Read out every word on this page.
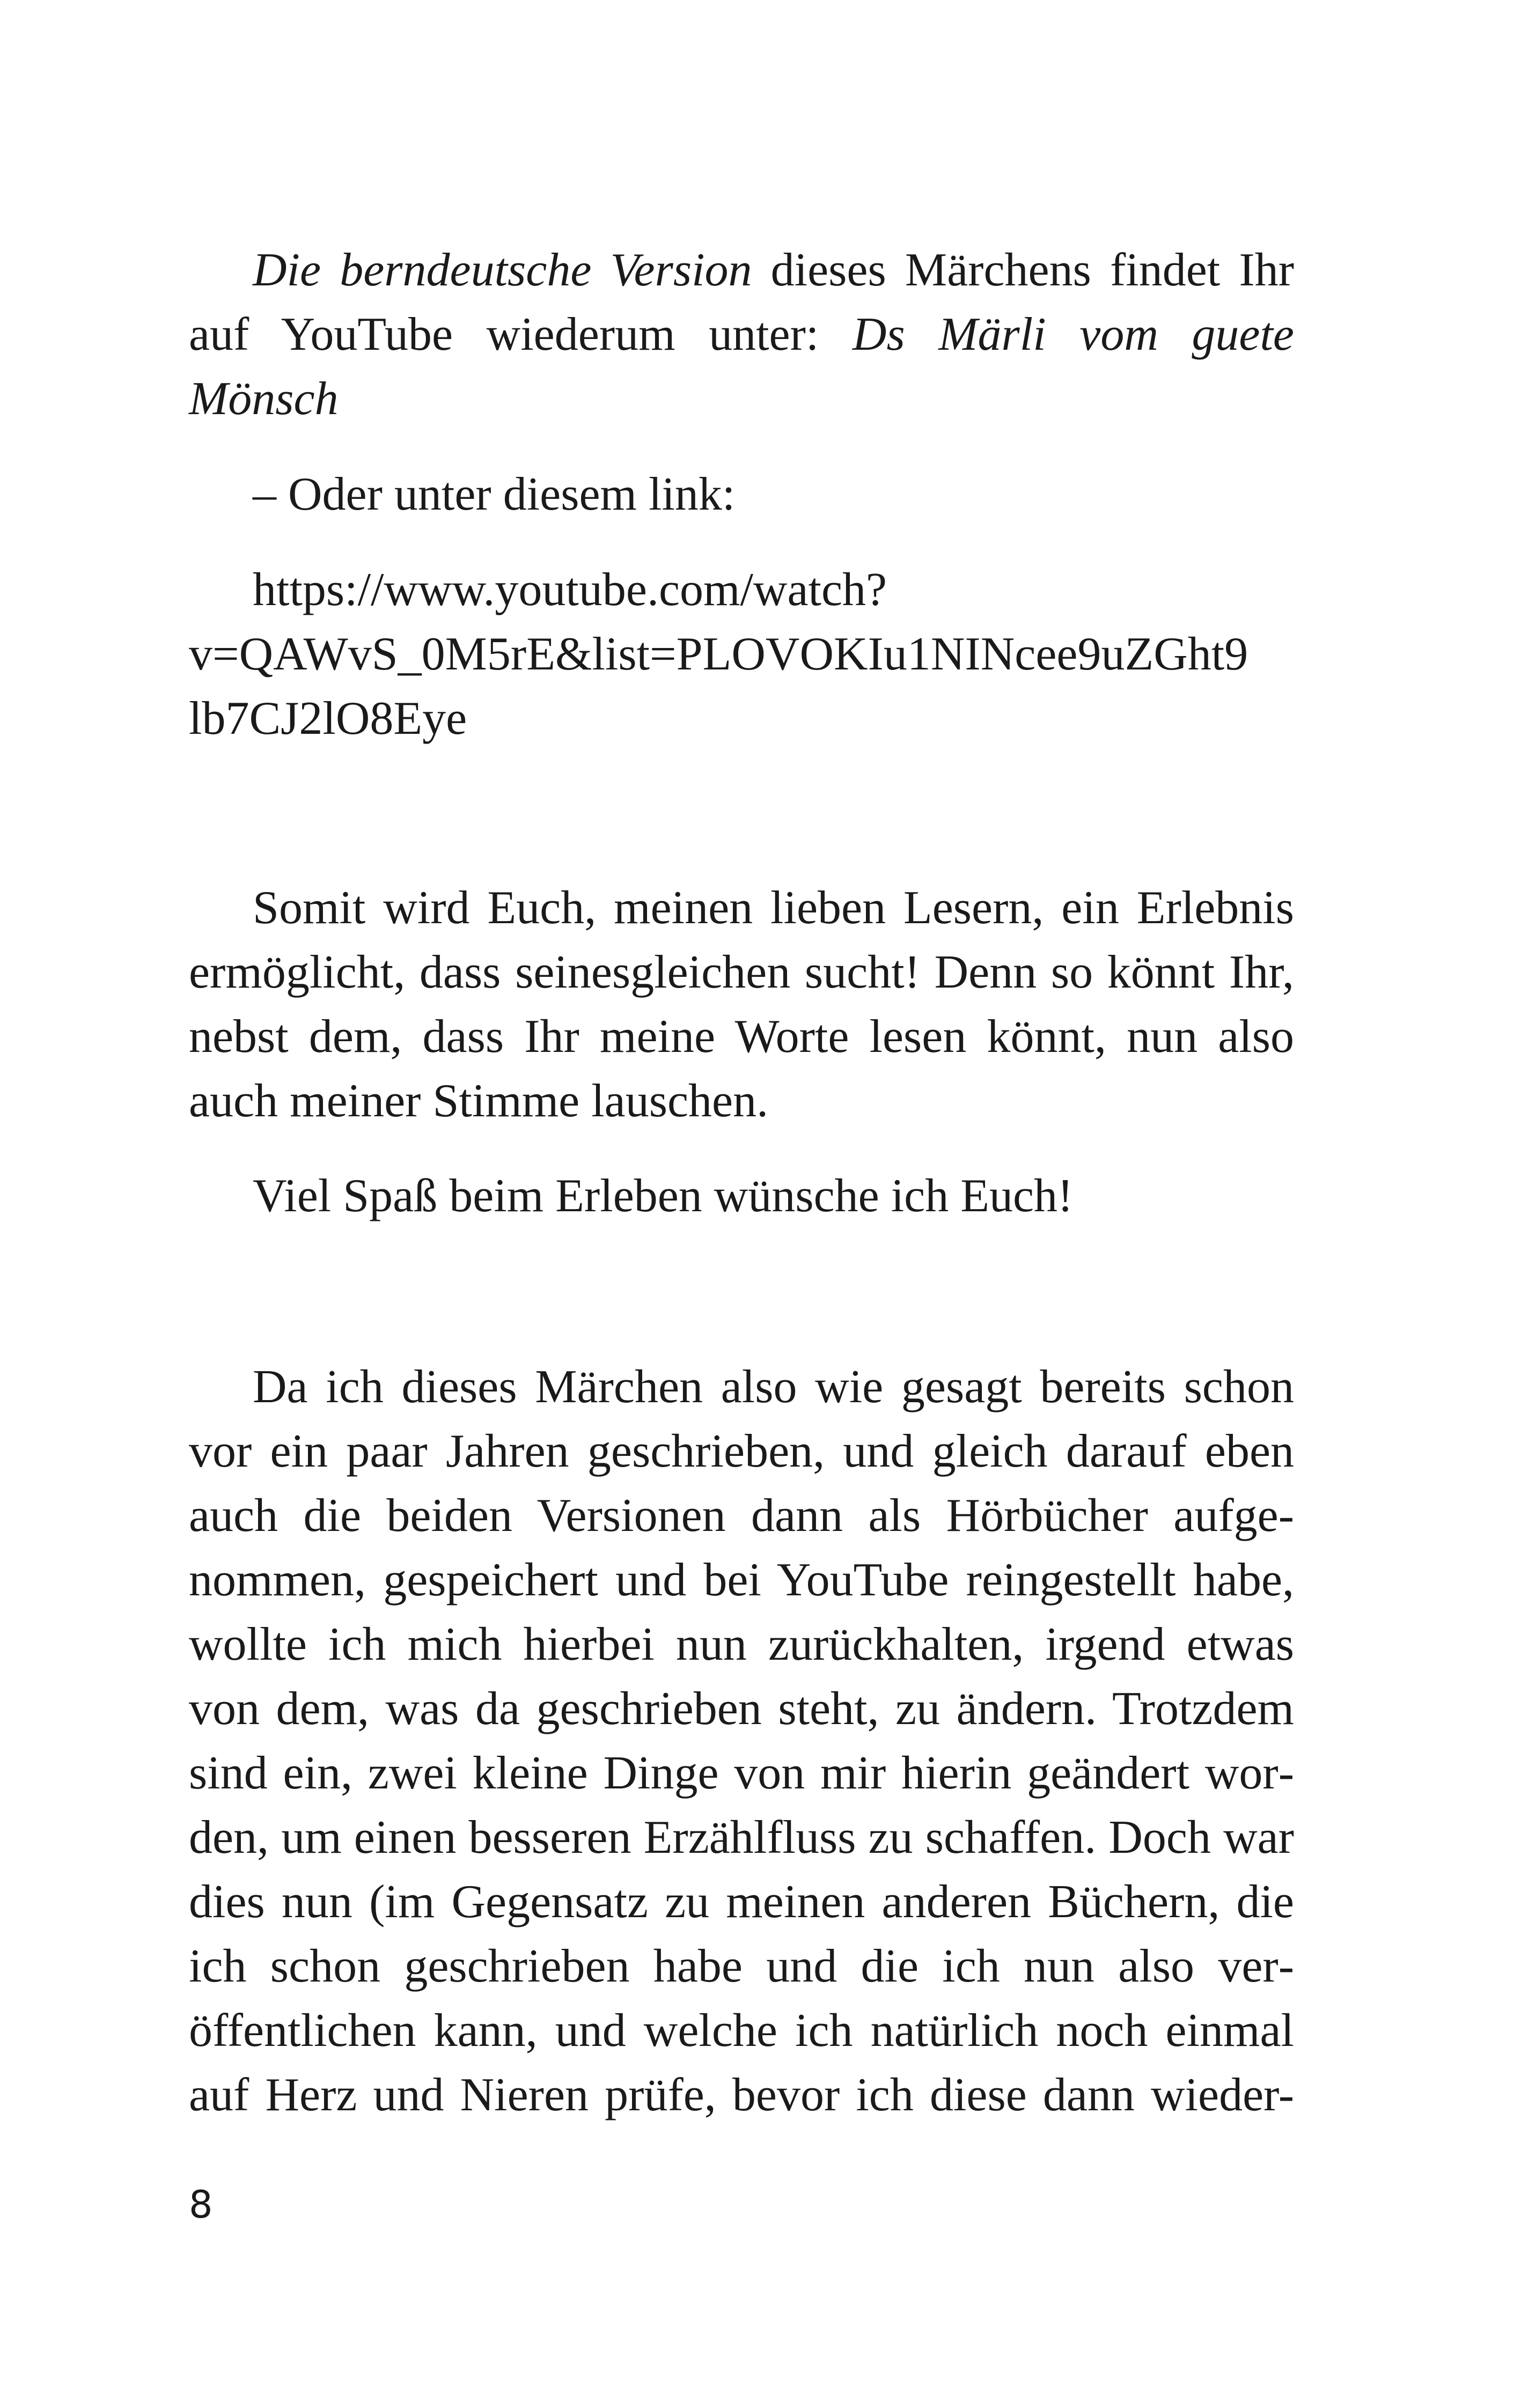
Die berndeutsche Version dieses Märchens findet Ihr auf YouTube wiederum unter: Ds Märli vom guete Mönsch

– Oder unter diesem link:

https://www.youtube.com/watch?
v=QAWvS_0M5rE&list=PLOVOKIu1NINcee9uZGht9
lb7CJ2lO8Eye

Somit wird Euch, meinen lieben Lesern, ein Erlebnis ermöglicht, dass seinesgleichen sucht! Denn so könnt Ihr, nebst dem, dass Ihr meine Worte lesen könnt, nun also auch meiner Stimme lauschen.

Viel Spaß beim Erleben wünsche ich Euch!

Da ich dieses Märchen also wie gesagt bereits schon vor ein paar Jahren geschrieben, und gleich darauf eben auch die beiden Versionen dann als Hörbücher aufgenommen, gespeichert und bei YouTube reingestellt habe, wollte ich mich hierbei nun zurückhalten, irgend etwas von dem, was da geschrieben steht, zu ändern. Trotzdem sind ein, zwei kleine Dinge von mir hierin geändert worden, um einen besseren Erzählfluss zu schaffen. Doch war dies nun (im Gegensatz zu meinen anderen Büchern, die ich schon geschrieben habe und die ich nun also veröffentlichen kann, und welche ich natürlich noch einmal auf Herz und Nieren prüfe, bevor ich diese dann wieder-

8
